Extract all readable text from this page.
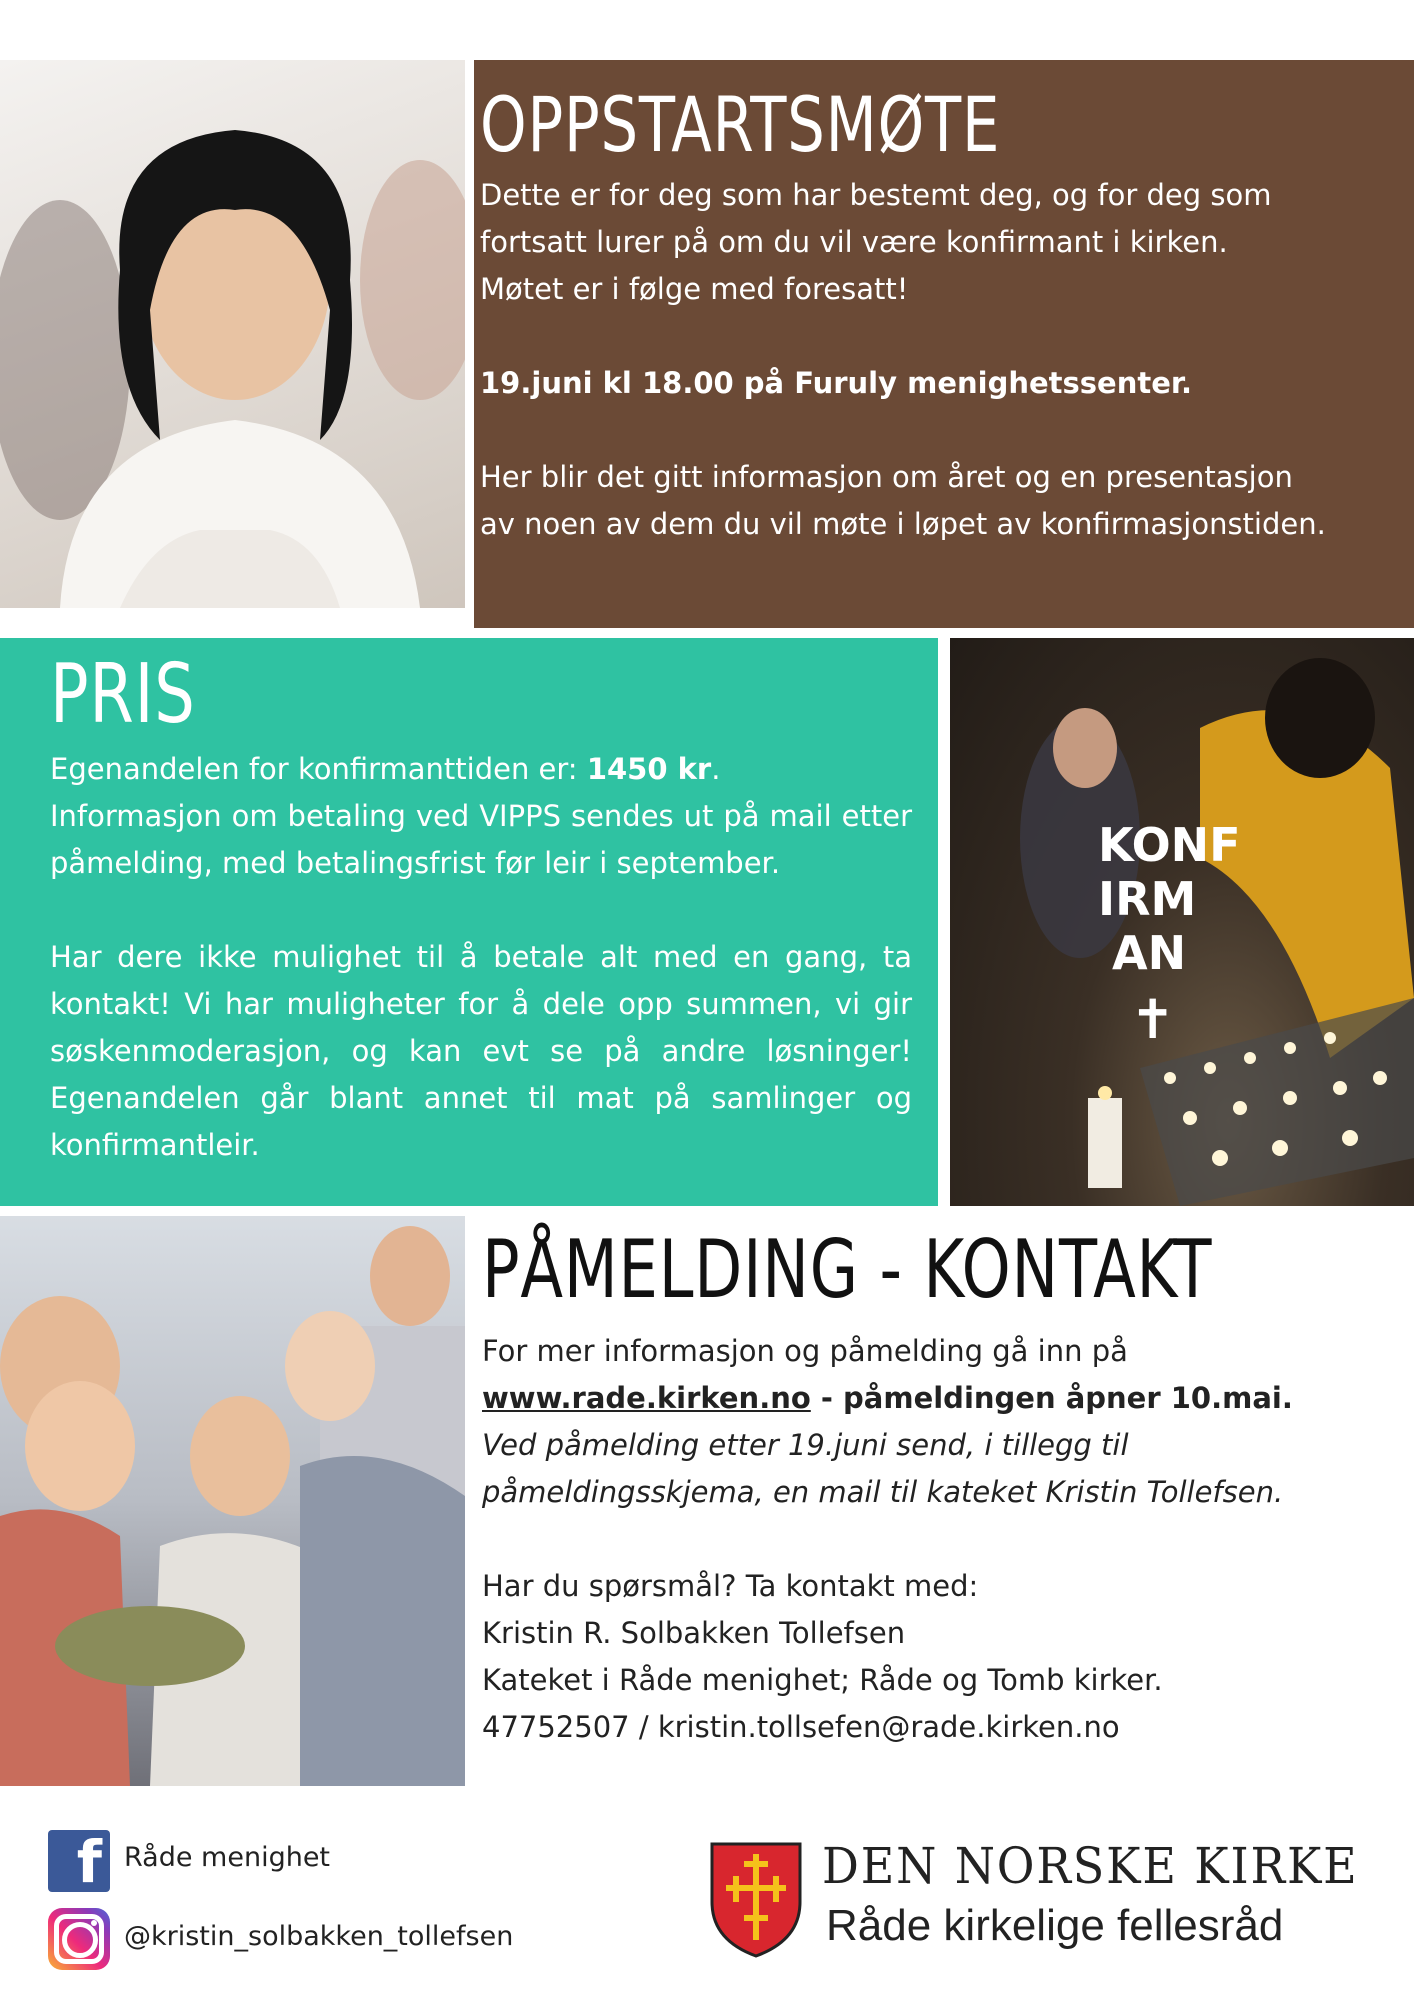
OPPSTARTSMØTE

Dette er for deg som har bestemt deg, og for deg som

fortsatt lurer på om du vil være konfirmant i kirken.

Møtet er i følge med foresatt!

19.juni kl 18.00 på Furuly menighetssenter.

Her blir det gitt informasjon om året og en presentasjon

av noen av dem du vil møte i løpet av konfirmasjonstiden.

PRIS

Egenandelen for konfirmanttiden er: 1450 kr.

Informasjon om betaling ved VIPPS sendes ut på mail etter påmelding, med betalingsfrist før leir i september.

Har dere ikke mulighet til å betale alt med en gang, ta kontakt! Vi har muligheter for å dele opp summen, vi gir søskenmoderasjon, og kan evt se på andre løsninger! Egenandelen går blant annet til mat på samlinger og konfirmantleir.

KONF
IRM
AN
✝
PÅMELDING - KONTAKT

For mer informasjon og påmelding gå inn på

www.rade.kirken.no - påmeldingen åpner 10.mai.

Ved påmelding etter 19.juni send, i tillegg til

påmeldingsskjema, en mail til kateket Kristin Tollefsen.

Har du spørsmål? Ta kontakt med:

Kristin R. Solbakken Tollefsen

Kateket i Råde menighet; Råde og Tomb kirker.

47752507 / kristin.tollsefen@rade.kirken.no

f Råde menighet
@kristin_solbakken_tollefsen
DEN NORSKE KIRKE
Råde kirkelige fellesråd
